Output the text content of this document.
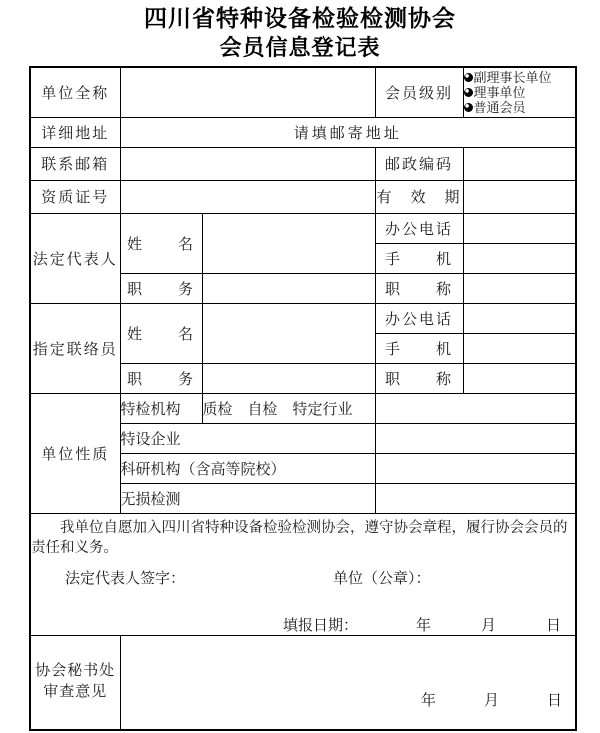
四川省特种设备检验检测协会
会员信息登记表
单位全称			会员级别	副理事长单位
理事单位
普通会员

详细地址	请填邮寄地址			
联系邮箱			邮政编码	
资质证号			有　效　期	
法定代表人	姓　　名		办公电话	
			手　　机	
	职　　务		职　　称	
指定联络员	姓　　名		办公电话	
			手　　机	
	职　　务		职　　称	
单位性质	特检机构	质检　自检　特定行业		
	特设企业			
	科研机构（含高等院校）			
	无损检测			

我单位自愿加入四川省特种设备检验检测协会，遵守协会章程，履行协会会员的责任和义务。

法定代表人签字：	单位（公章）：
填报日期：	年	月	日

协会秘书处
审查意见

年	月	日
